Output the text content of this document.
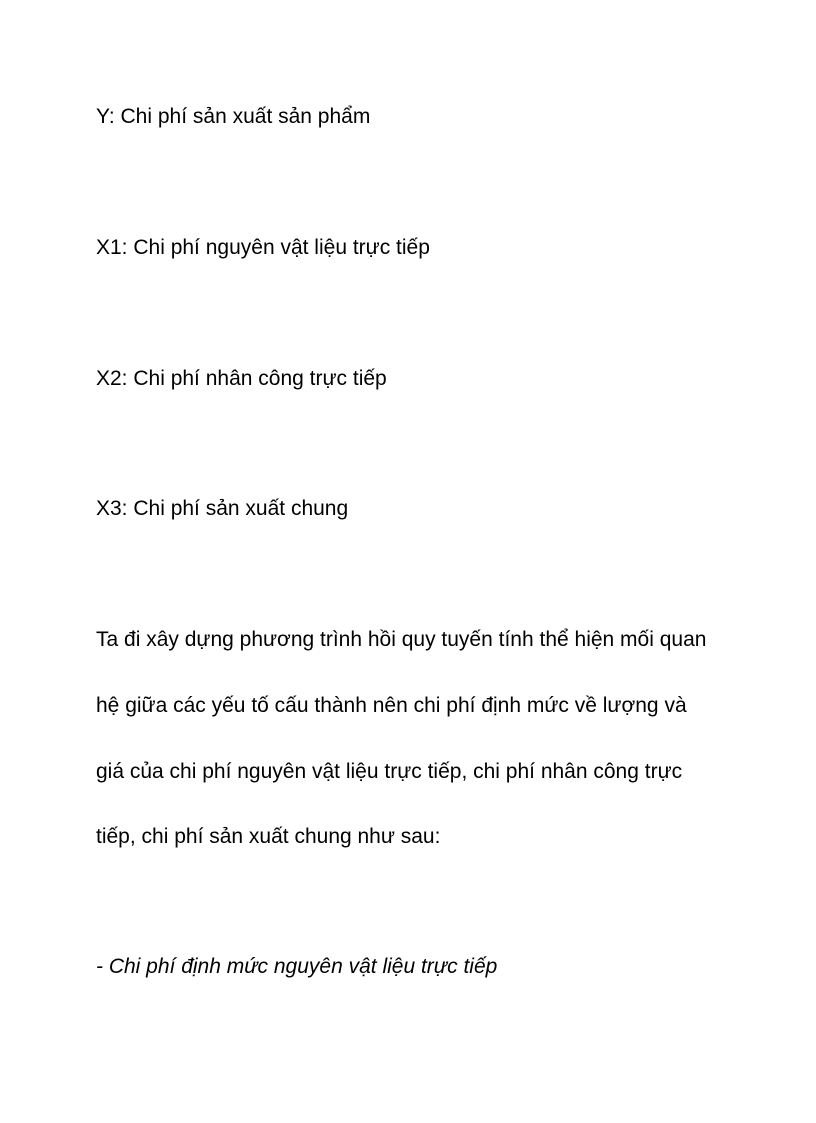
Y: Chi phí sản xuất sản phẩm

X1: Chi phí nguyên vật liệu trực tiếp

X2: Chi phí nhân công trực tiếp

X3: Chi phí sản xuất chung

Ta đi xây dựng phương trình hồi quy tuyến tính thể hiện mối quan

hệ giữa các yếu tố cấu thành nên chi phí định mức về lượng và

giá của chi phí nguyên vật liệu trực tiếp, chi phí nhân công trực

tiếp, chi phí sản xuất chung như sau:

- Chi phí định mức nguyên vật liệu trực tiếp
